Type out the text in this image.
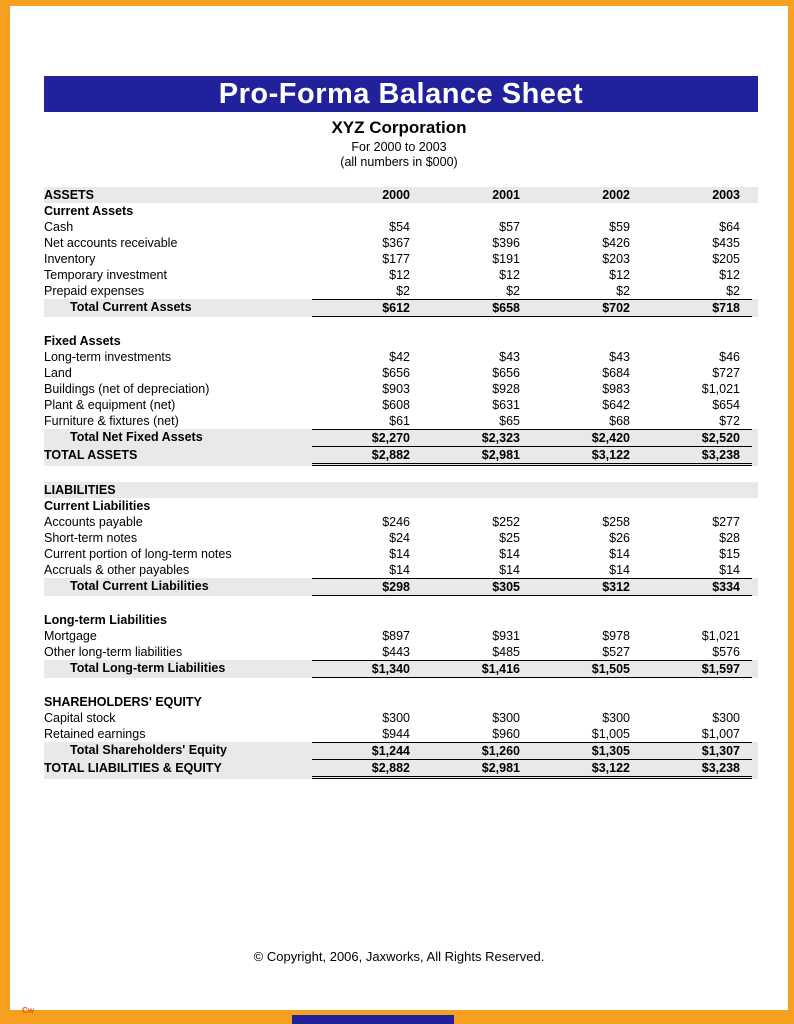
Pro-Forma Balance Sheet
XYZ Corporation
For 2000 to 2003
(all numbers in $000)
ASSETS	2000	2001	2002	2003
Current Assets
Cash	$54	$57	$59	$64
Net accounts receivable	$367	$396	$426	$435
Inventory	$177	$191	$203	$205
Temporary investment	$12	$12	$12	$12
Prepaid expenses	$2	$2	$2	$2
Total Current Assets	$612	$658	$702	$718
Fixed Assets
Long-term investments	$42	$43	$43	$46
Land	$656	$656	$684	$727
Buildings (net of depreciation)	$903	$928	$983	$1,021
Plant & equipment (net)	$608	$631	$642	$654
Furniture & fixtures (net)	$61	$65	$68	$72
Total Net Fixed Assets	$2,270	$2,323	$2,420	$2,520
TOTAL ASSETS	$2,882	$2,981	$3,122	$3,238
LIABILITIES
Current Liabilities
Accounts payable	$246	$252	$258	$277
Short-term notes	$24	$25	$26	$28
Current portion of long-term notes	$14	$14	$14	$15
Accruals & other payables	$14	$14	$14	$14
Total Current Liabilities	$298	$305	$312	$334
Long-term Liabilities
Mortgage	$897	$931	$978	$1,021
Other long-term liabilities	$443	$485	$527	$576
Total Long-term Liabilities	$1,340	$1,416	$1,505	$1,597
SHAREHOLDERS' EQUITY
Capital stock	$300	$300	$300	$300
Retained earnings	$944	$960	$1,005	$1,007
Total Shareholders' Equity	$1,244	$1,260	$1,305	$1,307
TOTAL LIABILITIES & EQUITY	$2,882	$2,981	$3,122	$3,238
© Copyright, 2006, Jaxworks, All Rights Reserved.
Cw
